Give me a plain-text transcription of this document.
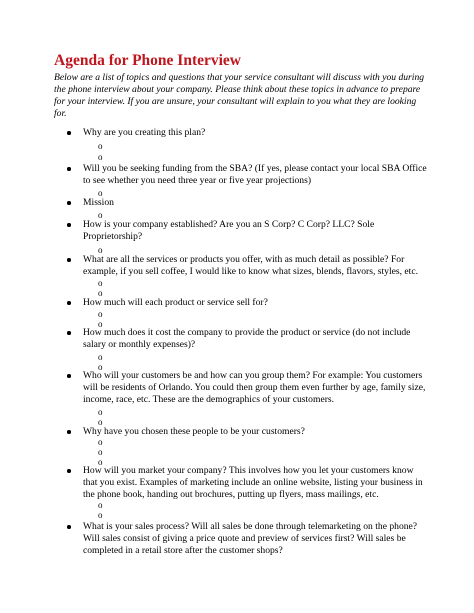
Agenda for Phone Interview

Below are a list of topics and questions that your service consultant will discuss with you during the phone interview about your company. Please think about these topics in advance to prepare for your interview. If you are unsure, your consultant will explain to you what they are looking for.

Why are you creating this plan?

o
o

Will you be seeking funding from the SBA? (If yes, please contact your local SBA Office to see whether you need three year or five year projections)

o

Mission

o

How is your company established? Are you an S Corp? C Corp? LLC? Sole Proprietorship?

o

What are all the services or products you offer, with as much detail as possible? For example, if you sell coffee, I would like to know what sizes, blends, flavors, styles, etc.

o
o

How much will each product or service sell for?

o
o

How much does it cost the company to provide the product or service (do not include salary or monthly expenses)?

o
o

Who will your customers be and how can you group them? For example: You customers will be residents of Orlando. You could then group them even further by age, family size, income, race, etc. These are the demographics of your customers.

o
o

Why have you chosen these people to be your customers?

o
o
o

How will you market your company? This involves how you let your customers know that you exist. Examples of marketing include an online website, listing your business in the phone book, handing out brochures, putting up flyers, mass mailings, etc.

o
o

What is your sales process? Will all sales be done through telemarketing on the phone? Will sales consist of giving a price quote and preview of services first? Will sales be completed in a retail store after the customer shops?
